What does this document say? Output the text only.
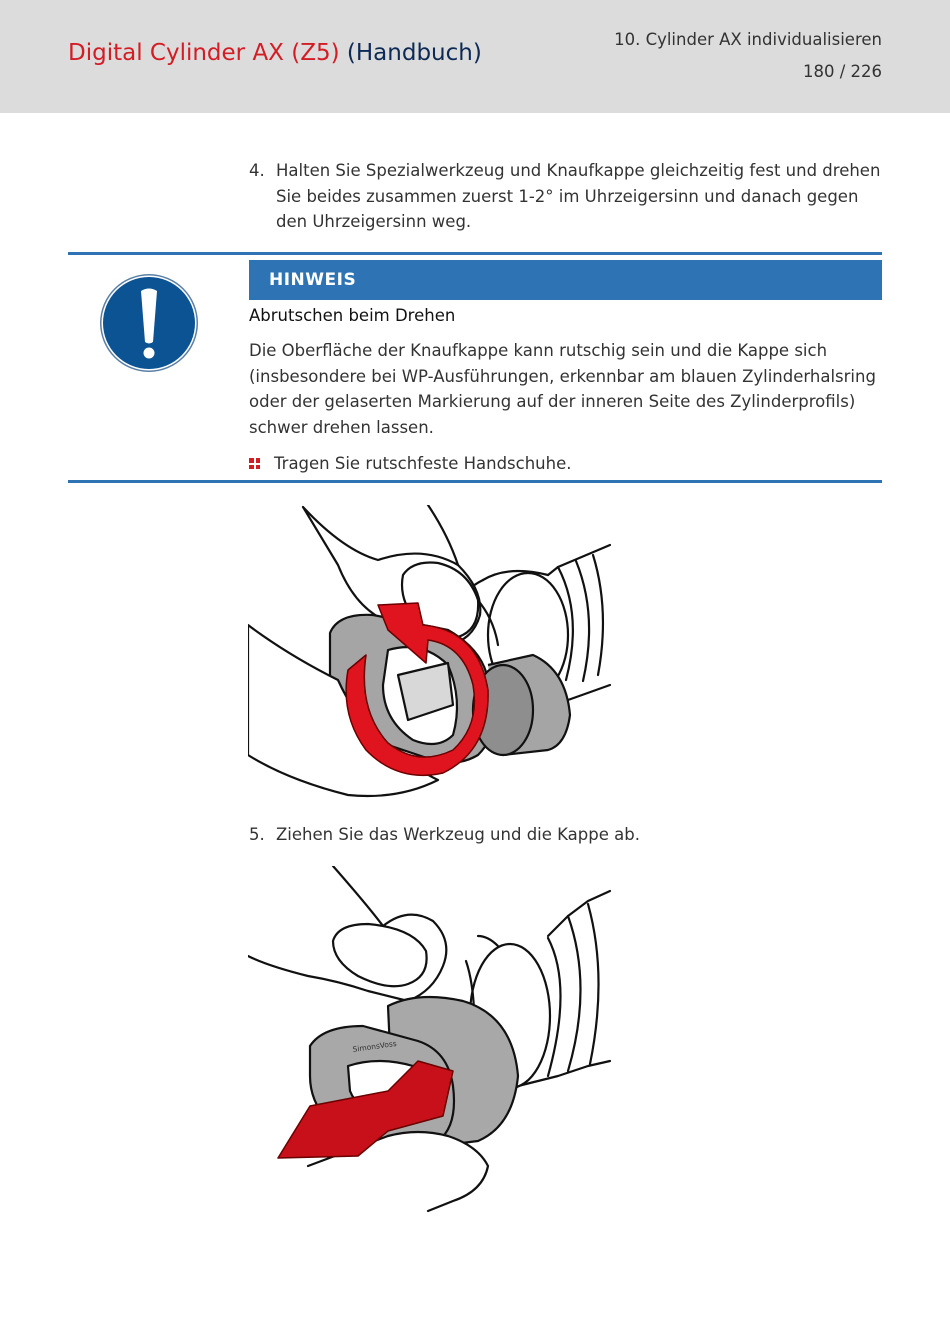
Digital Cylinder AX (Z5) (Handbuch)
10. Cylinder AX individualisieren
180 / 226
4. Halten Sie Spezialwerkzeug und Knaufkappe gleichzeitig fest und drehen Sie beides zusammen zuerst 1-2° im Uhrzeigersinn und danach gegen den Uhrzeigersinn weg.
HINWEIS
Abrutschen beim Drehen
Die Oberfläche der Knaufkappe kann rutschig sein und die Kappe sich (insbesondere bei WP-Ausführungen, erkennbar am blauen Zylinderhalsring oder der gelaserten Markierung auf der inneren Seite des Zylinderprofils) schwer drehen lassen.
Tragen Sie rutschfeste Handschuhe.
5. Ziehen Sie das Werkzeug und die Kappe ab.
SimonsVoss
